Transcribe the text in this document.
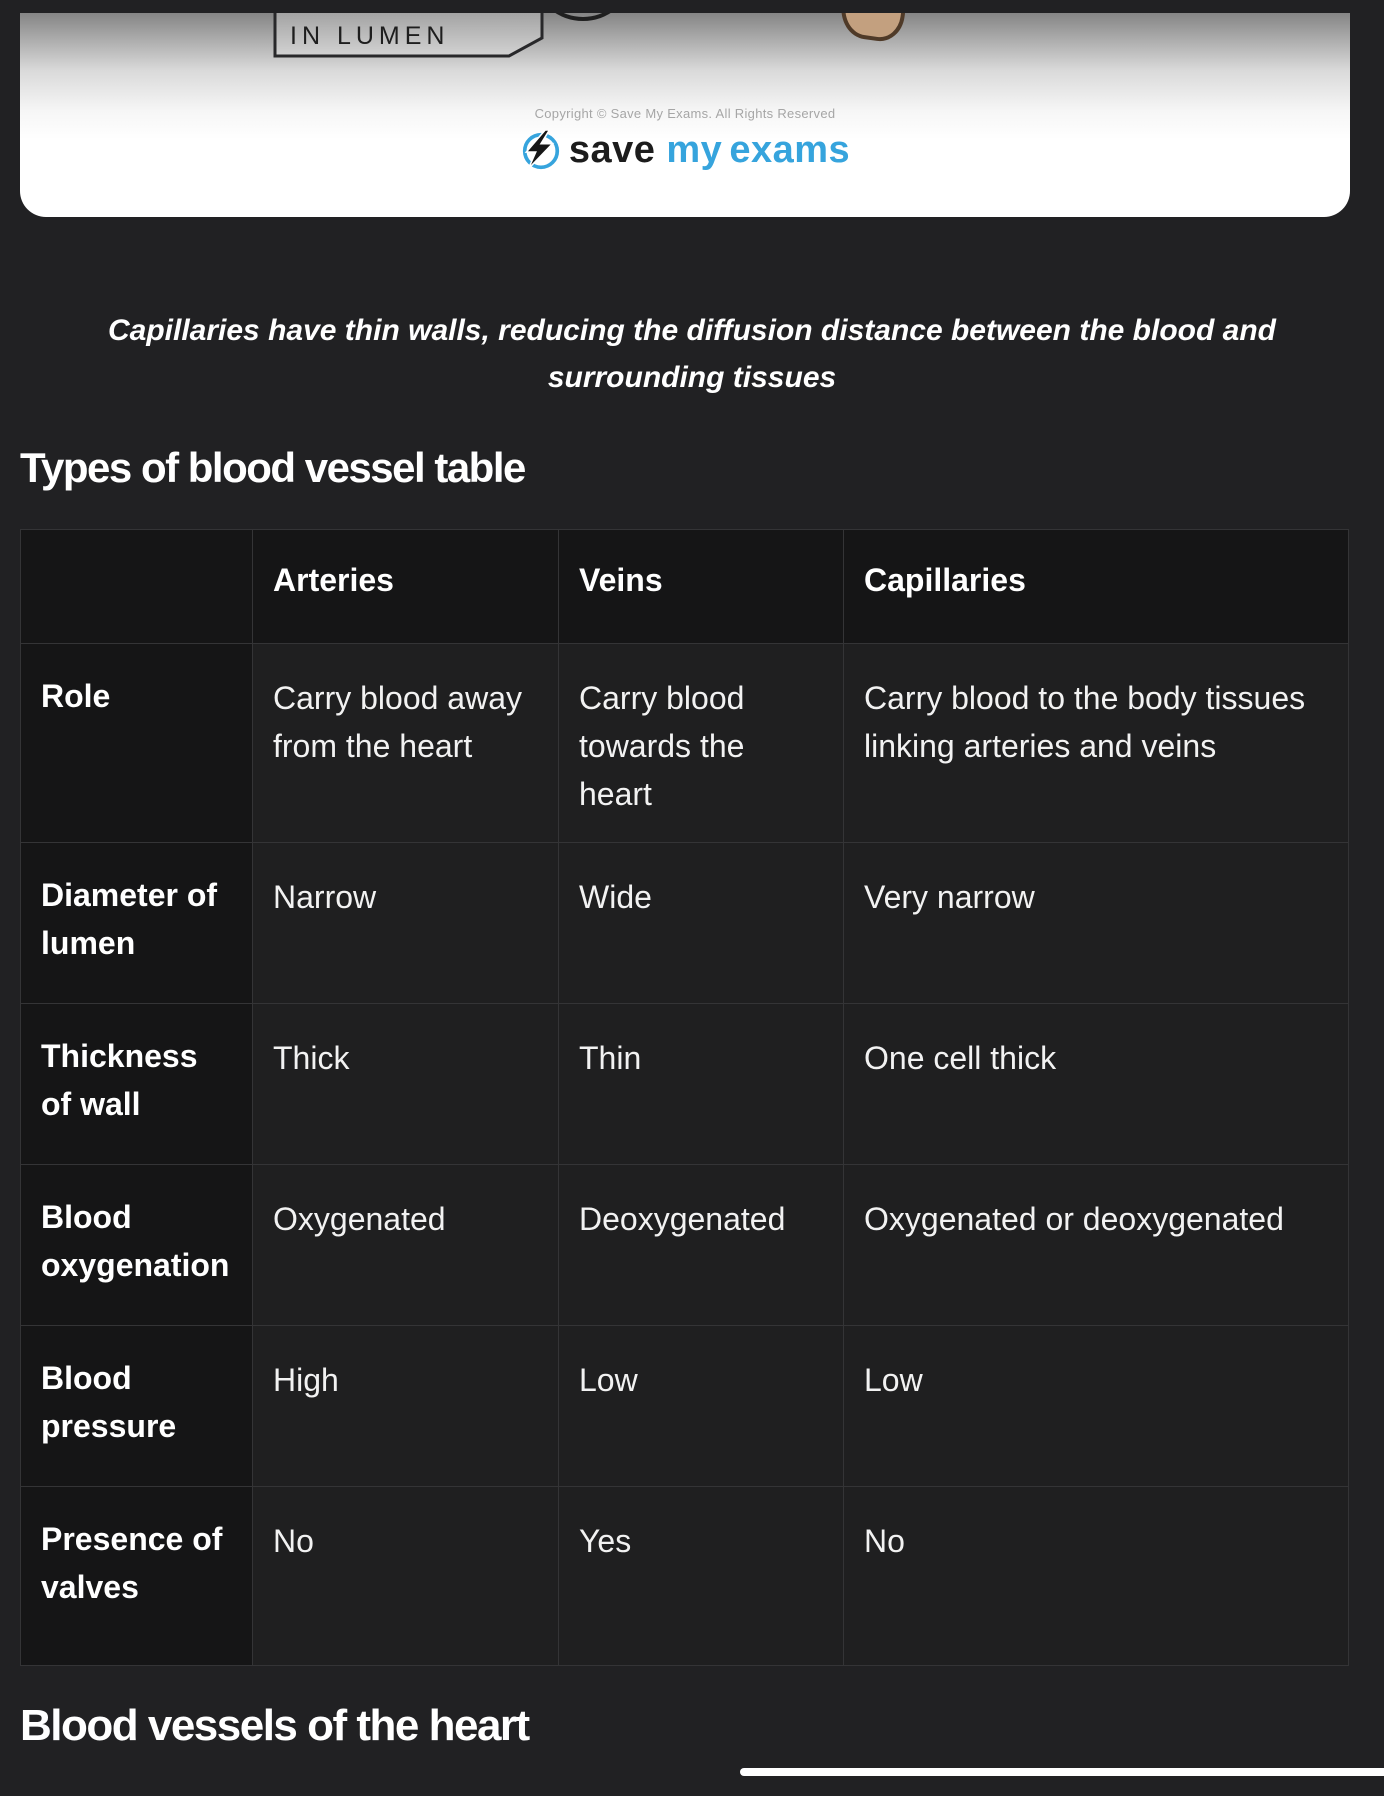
IN LUMEN
Copyright © Save My Exams. All Rights Reserved
save my exams
Capillaries have thin walls, reducing the diffusion distance between the blood and
surrounding tissues
Types of blood vessel table
	Arteries	Veins	Capillaries
Role	Carry blood away from the heart	Carry blood towards the heart	Carry blood to the body tissues linking arteries and veins
Diameter of lumen	Narrow	Wide	Very narrow
Thickness of wall	Thick	Thin	One cell thick
Blood oxygenation	Oxygenated	Deoxygenated	Oxygenated or deoxygenated
Blood pressure	High	Low	Low
Presence of valves	No	Yes	No
Blood vessels of the heart
